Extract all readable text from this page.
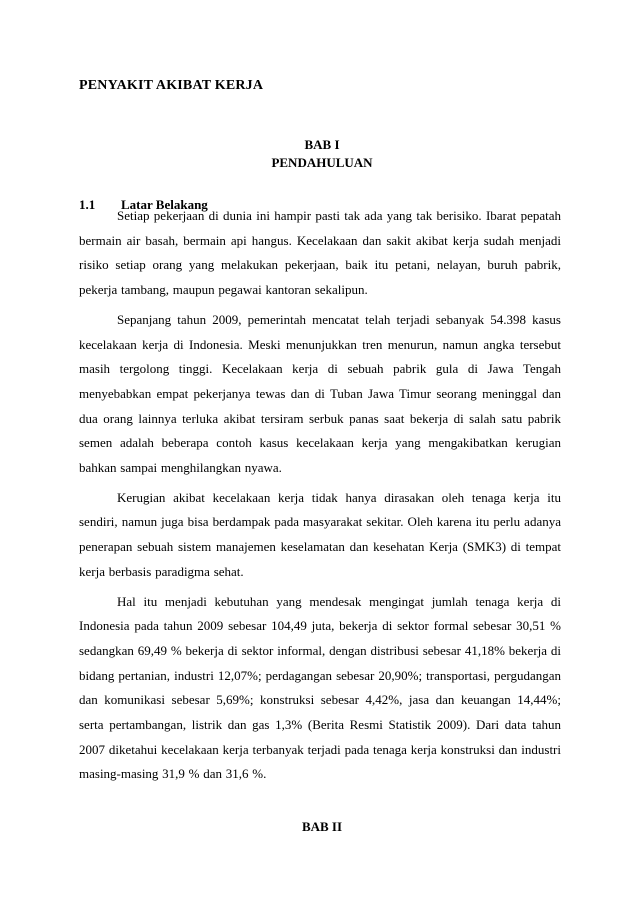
PENYAKIT AKIBAT KERJA
BAB I
PENDAHULUAN
1.1 Latar Belakang

Setiap pekerjaan di dunia ini hampir pasti tak ada yang tak berisiko. Ibarat pepatah bermain air basah, bermain api hangus. Kecelakaan dan sakit akibat kerja sudah menjadi risiko setiap orang yang melakukan pekerjaan, baik itu petani, nelayan, buruh pabrik, pekerja tambang, maupun pegawai kantoran sekalipun.

Sepanjang tahun 2009, pemerintah mencatat telah terjadi sebanyak 54.398 kasus kecelakaan kerja di Indonesia. Meski menunjukkan tren menurun, namun angka tersebut masih tergolong tinggi. Kecelakaan kerja di sebuah pabrik gula di Jawa Tengah menyebabkan empat pekerjanya tewas dan di Tuban Jawa Timur seorang meninggal dan dua orang lainnya terluka akibat tersiram serbuk panas saat bekerja di salah satu pabrik semen adalah beberapa contoh kasus kecelakaan kerja yang mengakibatkan kerugian bahkan sampai menghilangkan nyawa.

Kerugian akibat kecelakaan kerja tidak hanya dirasakan oleh tenaga kerja itu sendiri, namun juga bisa berdampak pada masyarakat sekitar. Oleh karena itu perlu adanya penerapan sebuah sistem manajemen keselamatan dan kesehatan Kerja (SMK3) di tempat kerja berbasis paradigma sehat.

Hal itu menjadi kebutuhan yang mendesak mengingat jumlah tenaga kerja di Indonesia pada tahun 2009 sebesar 104,49 juta, bekerja di sektor formal sebesar 30,51 % sedangkan 69,49 % bekerja di sektor informal, dengan distribusi sebesar 41,18% bekerja di bidang pertanian, industri 12,07%; perdagangan sebesar 20,90%; transportasi, pergudangan dan komunikasi sebesar 5,69%; konstruksi sebesar 4,42%, jasa dan keuangan 14,44%; serta pertambangan, listrik dan gas 1,3% (Berita Resmi Statistik 2009). Dari data tahun 2007 diketahui kecelakaan kerja terbanyak terjadi pada tenaga kerja konstruksi dan industri masing-masing 31,9 % dan 31,6 %.

BAB II
